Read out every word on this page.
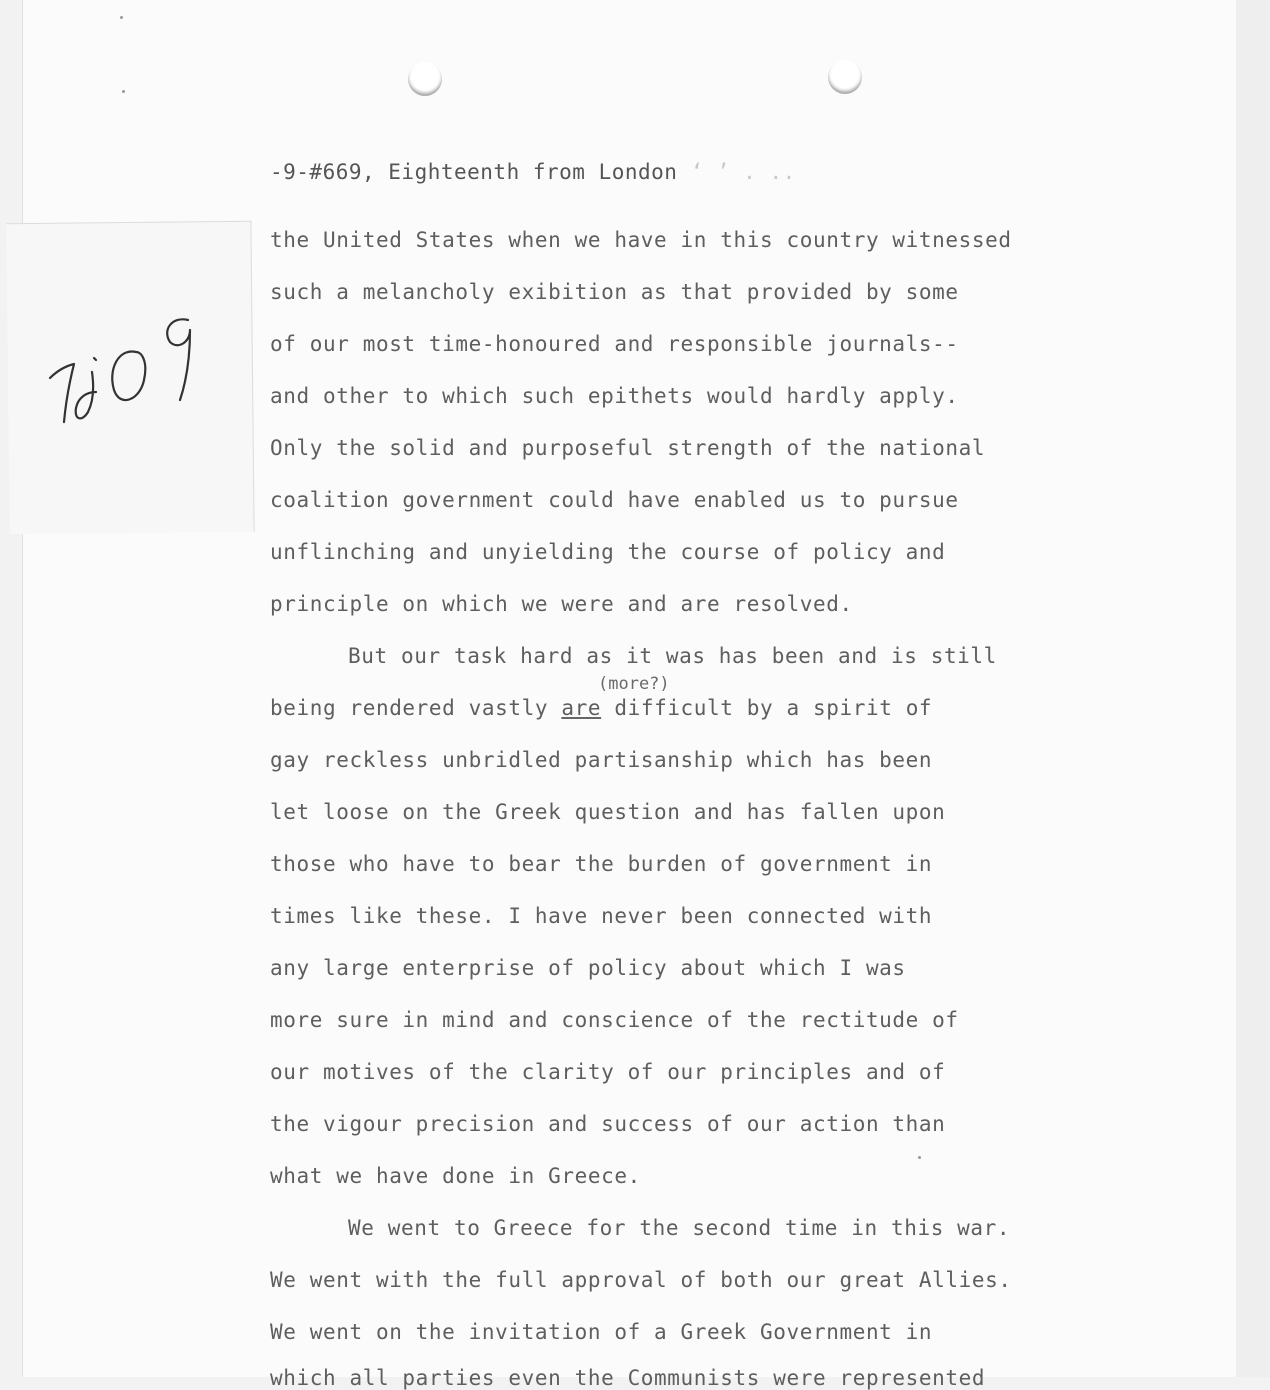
-9-#669, Eighteenth from London ‘ ’ . ..
the United States when we have in this country witnessed
such a melancholy exibition as that provided by some
of our most time-honoured and responsible journals--
and other to which such epithets would hardly apply.
Only the solid and purposeful strength of the national
coalition government could have enabled us to pursue
unflinching and unyielding the course of policy and
principle on which we were and are resolved.
But our task hard as it was has been and is still
(more?)
being rendered vastly are difficult by a spirit of
gay reckless unbridled partisanship which has been
let loose on the Greek question and has fallen upon
those who have to bear the burden of government in
times like these. I have never been connected with
any large enterprise of policy about which I was
more sure in mind and conscience of the rectitude of
our motives of the clarity of our principles and of
the vigour precision and success of our action than
what we have done in Greece.
We went to Greece for the second time in this war.
We went with the full approval of both our great Allies.
We went on the invitation of a Greek Government in
which all parties even the Communists were represented
